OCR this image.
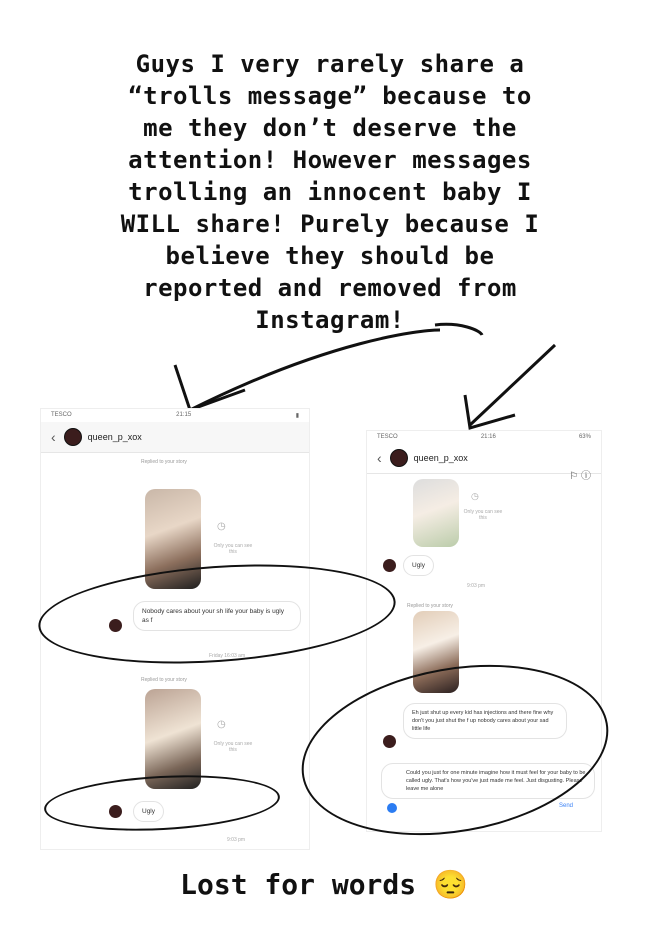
Guys I very rarely share a
“trolls message” because to
me they don’t deserve the
attention! However messages
trolling an innocent baby I
WILL share! Purely because I
believe they should be
reported and removed from
Instagram!
TESCO	21:15	▮
‹	queen_p_xox
Replied to your story
◷
Only you can see this
Nobody cares about your sh life your baby is ugly as f
Friday 16:03 am
Replied to your story
◷
Only you can see this
Ugly
9:03 pm
TESCO	21:16	63%
‹	queen_p_xox
⚐ ⓘ
◷
Only you can see this
Ugly
9:03 pm
Replied to your story
Eh just shut up every kid has injections and there fine why don't you just shut the f up nobody cares about your sad little life
Could you just for one minute imagine how it must feel for your baby to be called ugly. That's how you've just made me feel. Just disgusting. Please leave me alone
Send
Lost for words 😔
